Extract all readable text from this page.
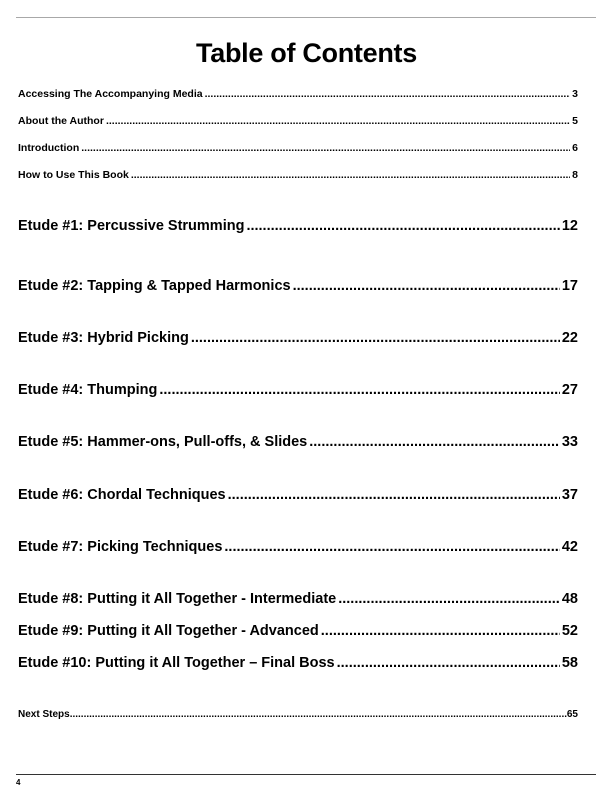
Table of Contents
Accessing The Accompanying Media .....	3
About the Author .....	5
Introduction .....	6
How to Use This Book .....	8
Etude #1: Percussive Strumming .....	12
Etude #2: Tapping & Tapped Harmonics .....	17
Etude #3: Hybrid Picking .....	22
Etude #4: Thumping .....	27
Etude #5: Hammer-ons, Pull-offs, & Slides .....	33
Etude #6: Chordal Techniques .....	37
Etude #7: Picking Techniques .....	42
Etude #8: Putting it All Together - Intermediate .....	48
Etude #9: Putting it All Together - Advanced .....	52
Etude #10: Putting it All Together – Final Boss .....	58
Next Steps .....	65
4
